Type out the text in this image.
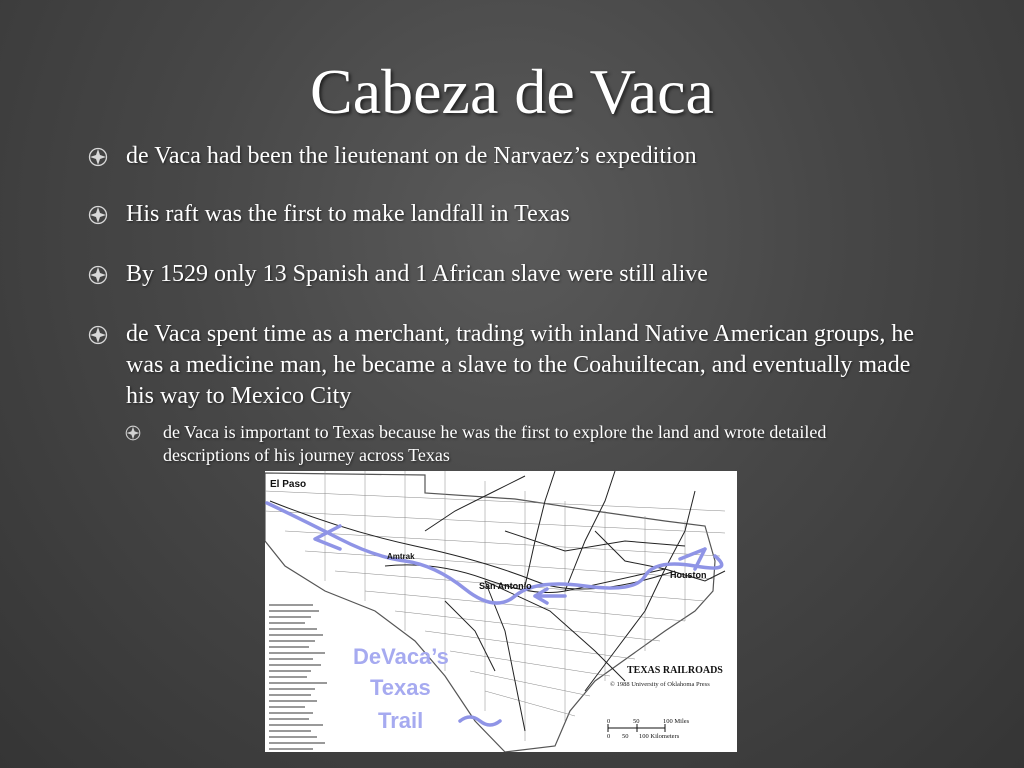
Cabeza de Vaca
de Vaca had been the lieutenant on de Narvaez’s expedition
His raft was the first to make landfall in Texas
By 1529 only 13 Spanish and 1 African slave were still alive
de Vaca spent time as a merchant, trading with inland Native American groups, he was a medicine man, he became a slave to the Coahuiltecan, and eventually made his way to Mexico City
de Vaca is important to Texas because he was the first to explore the land and wrote detailed descriptions of his journey across Texas
El Paso
Amtrak
San Antonio
Houston
DeVaca’s
Texas
Trail
TEXAS RAILROADS
© 1988 University of Oklahoma Press
0	50	100 Miles
0 50 100 Kilometers
